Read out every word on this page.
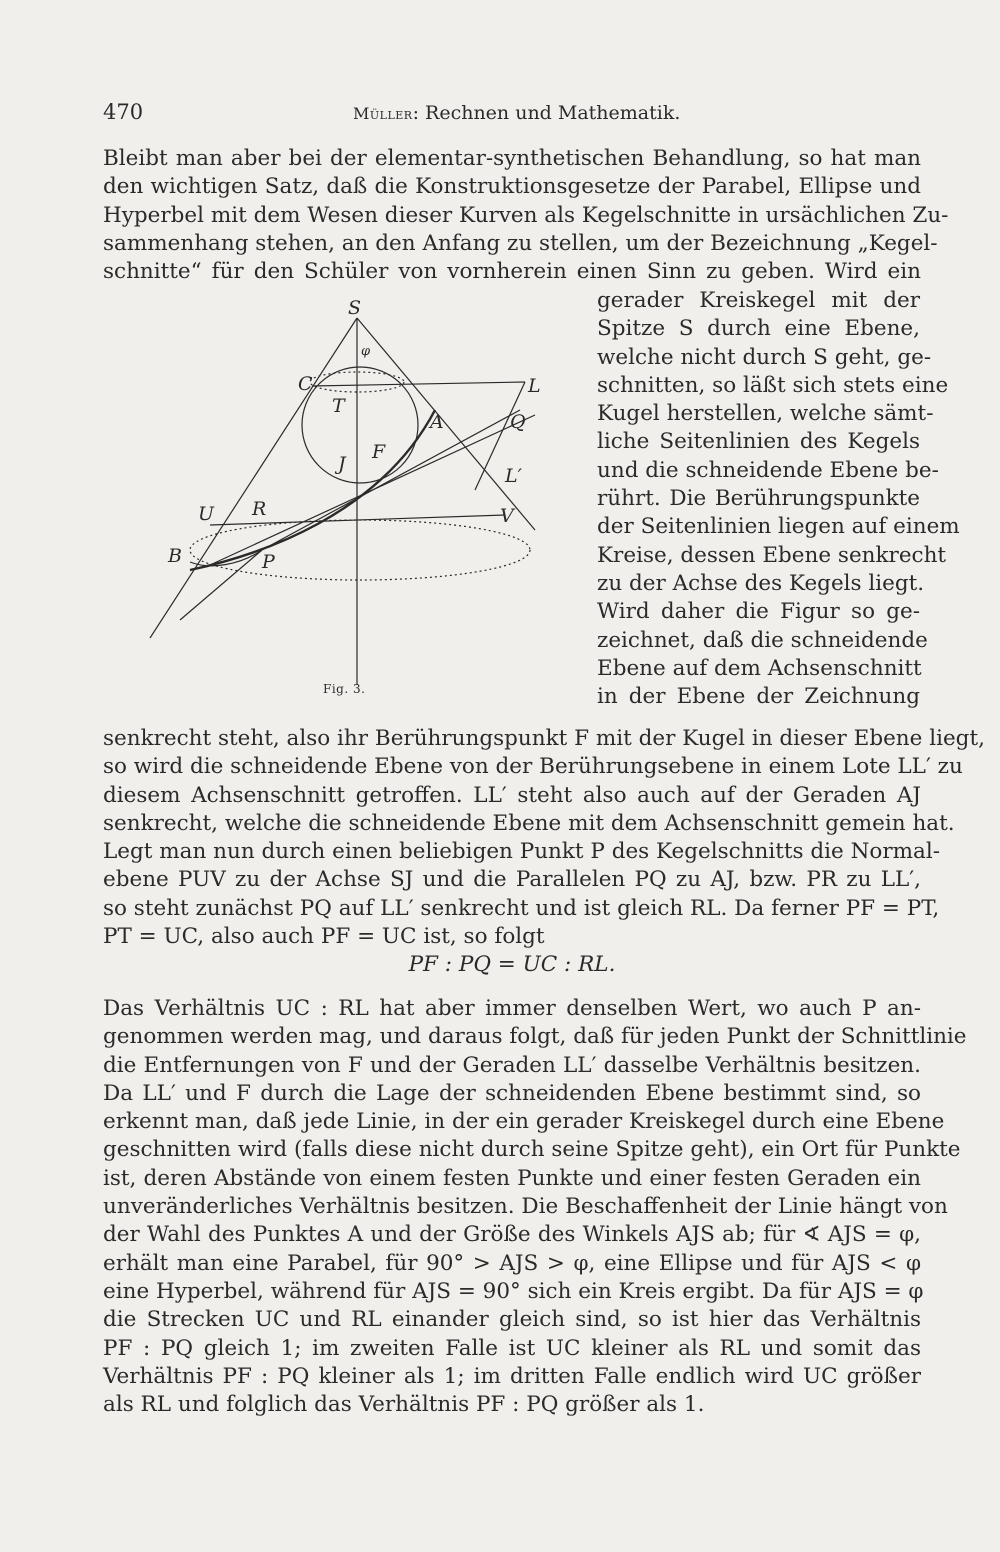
470	Müller: Rechnen und Mathematik.
Bleibt man aber bei der elementar-synthetischen Behandlung, so hat man
den wichtigen Satz, daß die Konstruktionsgesetze der Parabel, Ellipse und
Hyperbel mit dem Wesen dieser Kurven als Kegelschnitte in ursächlichen Zu-
sammenhang stehen, an den Anfang zu stellen, um der Bezeichnung „Kegel-
schnitte“ für den Schüler von vornherein einen Sinn zu geben. Wird ein
gerader Kreiskegel mit der
Spitze S durch eine Ebene,
welche nicht durch S geht, ge-
schnitten, so läßt sich stets eine
Kugel herstellen, welche sämt-
liche Seitenlinien des Kegels
und die schneidende Ebene be-
rührt. Die Berührungspunkte
der Seitenlinien liegen auf einem
Kreise, dessen Ebene senkrecht
zu der Achse des Kegels liegt.
Wird daher die Figur so ge-
zeichnet, daß die schneidende
Ebene auf dem Achsenschnitt
in der Ebene der Zeichnung
S
φ
C	L
T
A	Q
F
J
L′
U R	V
B	P
Fig. 3.
senkrecht steht, also ihr Berührungspunkt F mit der Kugel in dieser Ebene liegt,
so wird die schneidende Ebene von der Berührungsebene in einem Lote LL′ zu
diesem Achsenschnitt getroffen. LL′ steht also auch auf der Geraden AJ
senkrecht, welche die schneidende Ebene mit dem Achsenschnitt gemein hat.
Legt man nun durch einen beliebigen Punkt P des Kegelschnitts die Normal-
ebene PUV zu der Achse SJ und die Parallelen PQ zu AJ, bzw. PR zu LL′,
so steht zunächst PQ auf LL′ senkrecht und ist gleich RL. Da ferner PF = PT,
PT = UC, also auch PF = UC ist, so folgt
PF : PQ = UC : RL.
Das Verhältnis UC : RL hat aber immer denselben Wert, wo auch P an-
genommen werden mag, und daraus folgt, daß für jeden Punkt der Schnittlinie
die Entfernungen von F und der Geraden LL′ dasselbe Verhältnis besitzen.
Da LL′ und F durch die Lage der schneidenden Ebene bestimmt sind, so
erkennt man, daß jede Linie, in der ein gerader Kreiskegel durch eine Ebene
geschnitten wird (falls diese nicht durch seine Spitze geht), ein Ort für Punkte
ist, deren Abstände von einem festen Punkte und einer festen Geraden ein
unveränderliches Verhältnis besitzen. Die Beschaffenheit der Linie hängt von
der Wahl des Punktes A und der Größe des Winkels AJS ab; für ∢ AJS = φ,
erhält man eine Parabel, für 90° > AJS > φ, eine Ellipse und für AJS < φ
eine Hyperbel, während für AJS = 90° sich ein Kreis ergibt. Da für AJS = φ
die Strecken UC und RL einander gleich sind, so ist hier das Verhältnis
PF : PQ gleich 1; im zweiten Falle ist UC kleiner als RL und somit das
Verhältnis PF : PQ kleiner als 1; im dritten Falle endlich wird UC größer
als RL und folglich das Verhältnis PF : PQ größer als 1.
